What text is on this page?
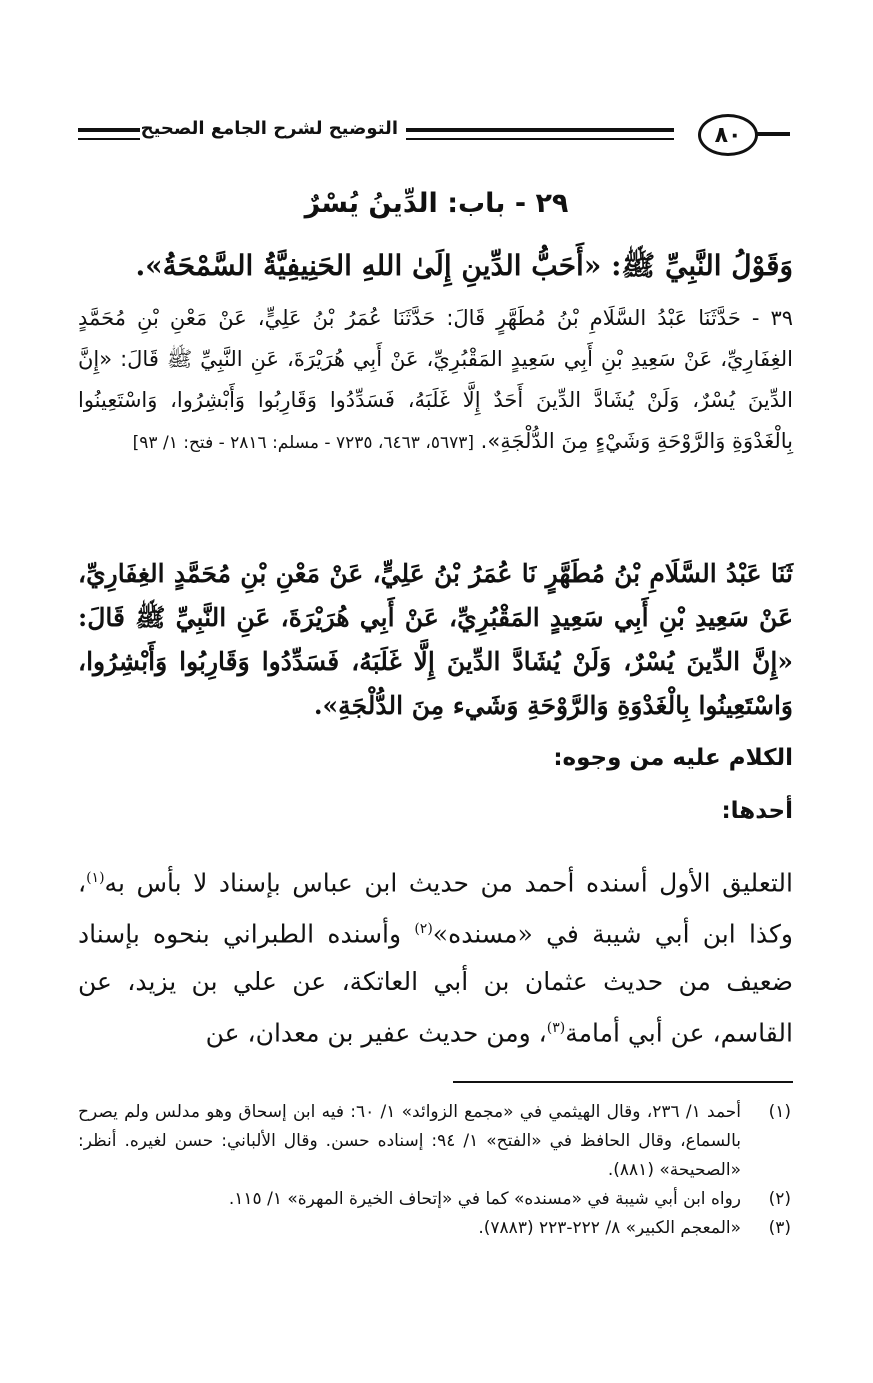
التوضيح لشرح الجامع الصحيح	٨٠
٢٩ - باب: الدِّينُ يُسْرٌ
وَقَوْلُ النَّبِيِّ ﷺ: «أَحَبُّ الدِّينِ إِلَىٰ اللهِ الحَنِيفِيَّةُ السَّمْحَةُ».
٣٩ - حَدَّثَنَا عَبْدُ السَّلَامِ بْنُ مُطَهَّرٍ قَالَ: حَدَّثَنَا عُمَرُ بْنُ عَلِيٍّ، عَنْ مَعْنِ بْنِ مُحَمَّدٍ الغِفَارِيِّ، عَنْ سَعِيدِ بْنِ أَبِي سَعِيدٍ المَقْبُرِيِّ، عَنْ أَبِي هُرَيْرَةَ، عَنِ النَّبِيِّ ﷺ قَالَ: «إِنَّ الدِّينَ يُسْرٌ، وَلَنْ يُشَادَّ الدِّينَ أَحَدٌ إِلَّا غَلَبَهُ، فَسَدِّدُوا وَقَارِبُوا وَأَبْشِرُوا، وَاسْتَعِينُوا بِالْغَدْوَةِ وَالرَّوْحَةِ وَشَيْءٍ مِنَ الدُّلْجَةِ». [٥٦٧٣، ٦٤٦٣، ٧٢٣٥ - مسلم: ٢٨١٦ - فتح: ١/ ٩٣]
ثَنَا عَبْدُ السَّلَامِ بْنُ مُطَهَّرٍ نَا عُمَرُ بْنُ عَلِيٍّ، عَنْ مَعْنِ بْنِ مُحَمَّدٍ الغِفَارِيِّ، عَنْ سَعِيدِ بْنِ أَبِي سَعِيدٍ المَقْبُرِيِّ، عَنْ أَبِي هُرَيْرَةَ، عَنِ النَّبِيِّ ﷺ قَالَ: «إِنَّ الدِّينَ يُسْرٌ، وَلَنْ يُشَادَّ الدِّينَ إِلَّا غَلَبَهُ، فَسَدِّدُوا وَقَارِبُوا وَأَبْشِرُوا، وَاسْتَعِينُوا بِالْغَدْوَةِ وَالرَّوْحَةِ وَشَيء مِنَ الدُّلْجَةِ».
الكلام عليه من وجوه:
أحدها:
التعليق الأول أسنده أحمد من حديث ابن عباس بإسناد لا بأس به$^{(١)}$، وكذا ابن أبي شيبة في «مسنده»$^{(٢)}$ وأسنده الطبراني بنحوه بإسناد ضعيف من حديث عثمان بن أبي العاتكة، عن علي بن يزيد، عن القاسم، عن أبي أمامة$^{(٣)}$، ومن حديث عفير بن معدان، عن
(١)
أحمد ١/ ٢٣٦، وقال الهيثمي في «مجمع الزوائد» ١/ ٦٠: فيه ابن إسحاق وهو مدلس ولم يصرح بالسماع، وقال الحافظ في «الفتح» ١/ ٩٤: إسناده حسن. وقال الألباني: حسن لغيره. أنظر: «الصحيحة» (٨٨١).
(٢)
رواه ابن أبي شيبة في «مسنده» كما في «إتحاف الخيرة المهرة» ١/ ١١٥.
(٣)
«المعجم الكبير» ٨/ ٢٢٢-٢٢٣ (٧٨٨٣).
